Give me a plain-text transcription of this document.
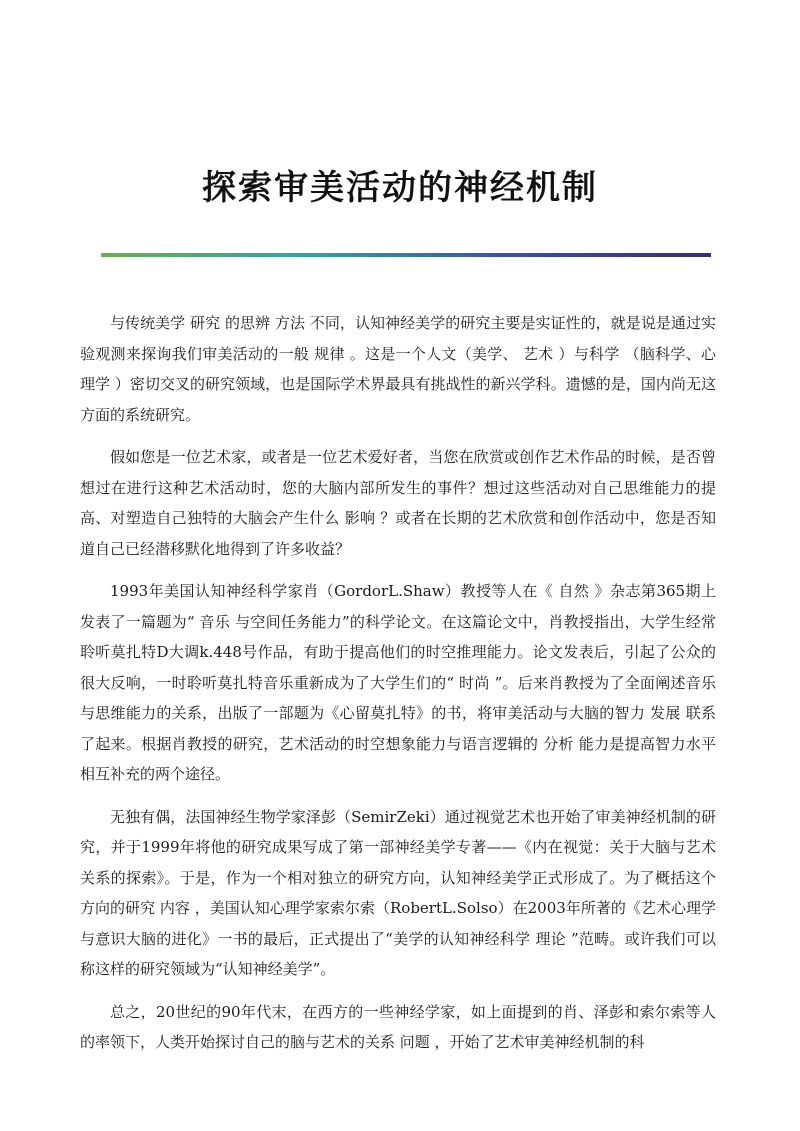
探索审美活动的神经机制

与传统美学 研究 的思辨 方法 不同，认知神经美学的研究主要是实证性的，就是说是通过实验观测来探询我们审美活动的一般 规律 。这是一个人文（美学、 艺术 ）与科学 （脑科学、心 理学 ）密切交叉的研究领域，也是国际学术界最具有挑战性的新兴学科。遗憾的是，国内尚无这方面的系统研究。

假如您是一位艺术家，或者是一位艺术爱好者，当您在欣赏或创作艺术作品的时候，是否曾想过在进行这种艺术活动时，您的大脑内部所发生的事件？想过这些活动对自己思维能力的提高、对塑造自己独特的大脑会产生什么 影响 ？或者在长期的艺术欣赏和创作活动中，您是否知道自己已经潜移默化地得到了许多收益？

1993年美国认知神经科学家肖（GordorL.Shaw）教授等人在《 自然 》杂志第365期上发表了一篇题为“ 音乐 与空间任务能力”的科学论文。在这篇论文中，肖教授指出，大学生经常聆听莫扎特D大调k.448号作品，有助于提高他们的时空推理能力。论文发表后，引起了公众的很大反响，一时聆听莫扎特音乐重新成为了大学生们的“ 时尚 ”。后来肖教授为了全面阐述音乐与思维能力的关系，出版了一部题为《心留莫扎特》的书，将审美活动与大脑的智力 发展 联系了起来。根据肖教授的研究，艺术活动的时空想象能力与语言逻辑的 分析 能力是提高智力水平相互补充的两个途径。

无独有偶，法国神经生物学家泽彭（SemirZeki）通过视觉艺术也开始了审美神经机制的研究，并于1999年将他的研究成果写成了第一部神经美学专著——《内在视觉：关于大脑与艺术关系的探索》。于是，作为一个相对独立的研究方向，认知神经美学正式形成了。为了概括这个方向的研究 内容 ，美国认知心理学家索尔索（RobertL.Solso）在2003年所著的《艺术心理学与意识大脑的进化》一书的最后，正式提出了“美学的认知神经科学 理论 ”范畴。或许我们可以称这样的研究领域为“认知神经美学”。

总之，20世纪的90年代末，在西方的一些神经学家，如上面提到的肖、泽彭和索尔索等人的率领下，人类开始探讨自己的脑与艺术的关系 问题 ，开始了艺术审美神经机制的科
